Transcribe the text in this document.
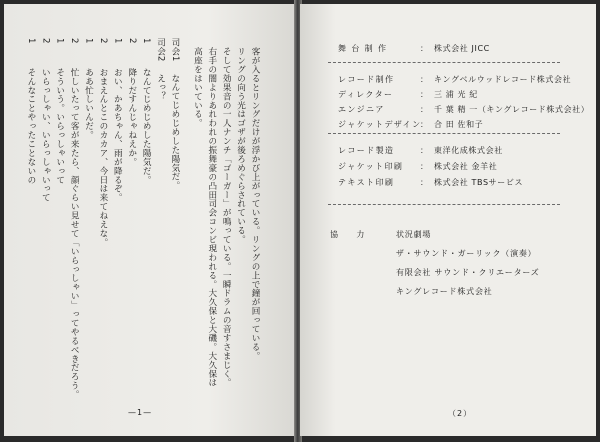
客が入るとリングだけが浮かび上がっている。リングの上で鐘が回っている。
リングの向う光はゴザが後ろめぐらされている。
そして効果音の一人ナンチ「ゴーガー」が鳴っている。一瞬ドラムの音すさまじく。
右手の闇よりあれわれの振舞豪の凸田司会コンビ現われる。大久保と大磯。大久保は
高座をはいている。
司会1なんてじめじめした陽気だ。
司会2えっ？
1なんてじめじめした陽気だ。
2降りだすんじゃねえか。
1おい、かあちゃん、雨が降るぞ。
2おまえんとこのカカア、今日は来てねえな。
1ああ忙しいんだ。
2忙しいたって客が来たら、顔ぐらい見せて「いらっしゃい」ってやるべきだろう。
1そういう。いらっしゃいって
2いらっしゃい、いらっしゃいって
1そんなことやったことないの
—1—
舞 台 制 作	： 株式会社 JICC
レコード制作	： キングベルウッドレコード株式会社
ディレクター	： 三 浦 光 紀
エンジニア	： 千 葉 精 一（キングレコード株式会社）
ジャケットデザイン： 合 田 佐和子
レコード製造	： 東洋化成株式会社
ジャケット印刷 ： 株式会社 金羊社
テキスト印刷	： 株式会社 TBSサービス
協　　力	状況劇場
ザ・サウンド・ガーリック（演奏）
有限会社 サウンド・クリエーターズ
キングレコード株式会社
（2）
